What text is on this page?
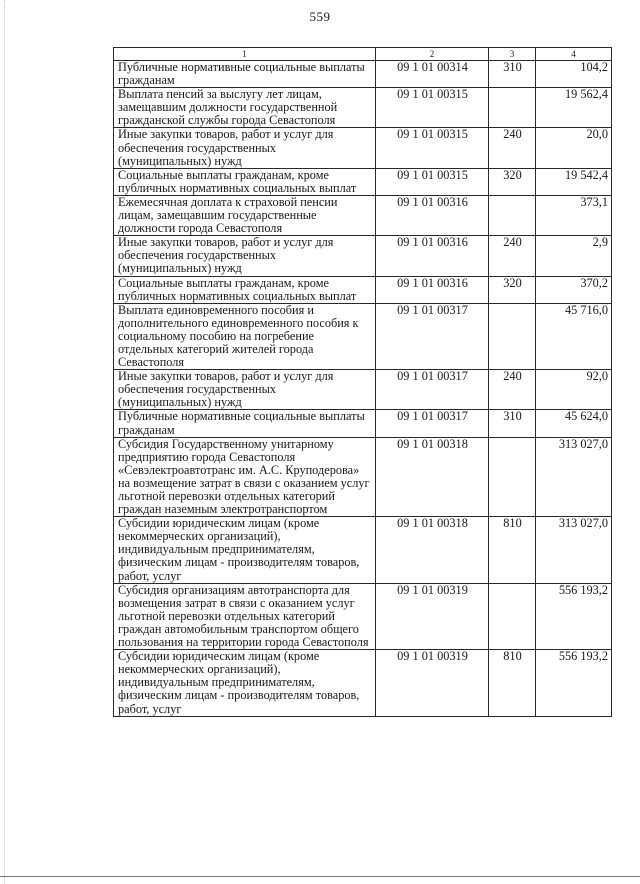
559
1	2	3	4
Публичные нормативные социальные выплаты гражданам	09 1 01 00314	310	104,2
Выплата пенсий за выслугу лет лицам, замещавшим должности государственной гражданской службы города Севастополя	09 1 01 00315		19 562,4
Иные закупки товаров, работ и услуг для обеспечения государственных (муниципальных) нужд	09 1 01 00315	240	20,0
Социальные выплаты гражданам, кроме публичных нормативных социальных выплат	09 1 01 00315	320	19 542,4
Ежемесячная доплата к страховой пенсии лицам, замещавшим государственные должности города Севастополя	09 1 01 00316		373,1
Иные закупки товаров, работ и услуг для обеспечения государственных (муниципальных) нужд	09 1 01 00316	240	2,9
Социальные выплаты гражданам, кроме публичных нормативных социальных выплат	09 1 01 00316	320	370,2
Выплата единовременного пособия и дополнительного единовременного пособия к социальному пособию на погребение отдельных категорий жителей города Севастополя	09 1 01 00317		45 716,0
Иные закупки товаров, работ и услуг для обеспечения государственных (муниципальных) нужд	09 1 01 00317	240	92,0
Публичные нормативные социальные выплаты гражданам	09 1 01 00317	310	45 624,0
Субсидия Государственному унитарному предприятию города Севастополя «Севэлектроавтотранс им. А.С. Круподерова» на возмещение затрат в связи с оказанием услуг льготной перевозки отдельных категорий граждан наземным электротранспортом	09 1 01 00318		313 027,0
Субсидии юридическим лицам (кроме некоммерческих организаций), индивидуальным предпринимателям, физическим лицам - производителям товаров, работ, услуг	09 1 01 00318	810	313 027,0
Субсидия организациям автотранспорта для возмещения затрат в связи с оказанием услуг льготной перевозки отдельных категорий граждан автомобильным транспортом общего пользования на территории города Севастополя	09 1 01 00319		556 193,2
Субсидии юридическим лицам (кроме некоммерческих организаций), индивидуальным предпринимателям, физическим лицам - производителям товаров, работ, услуг	09 1 01 00319	810	556 193,2
